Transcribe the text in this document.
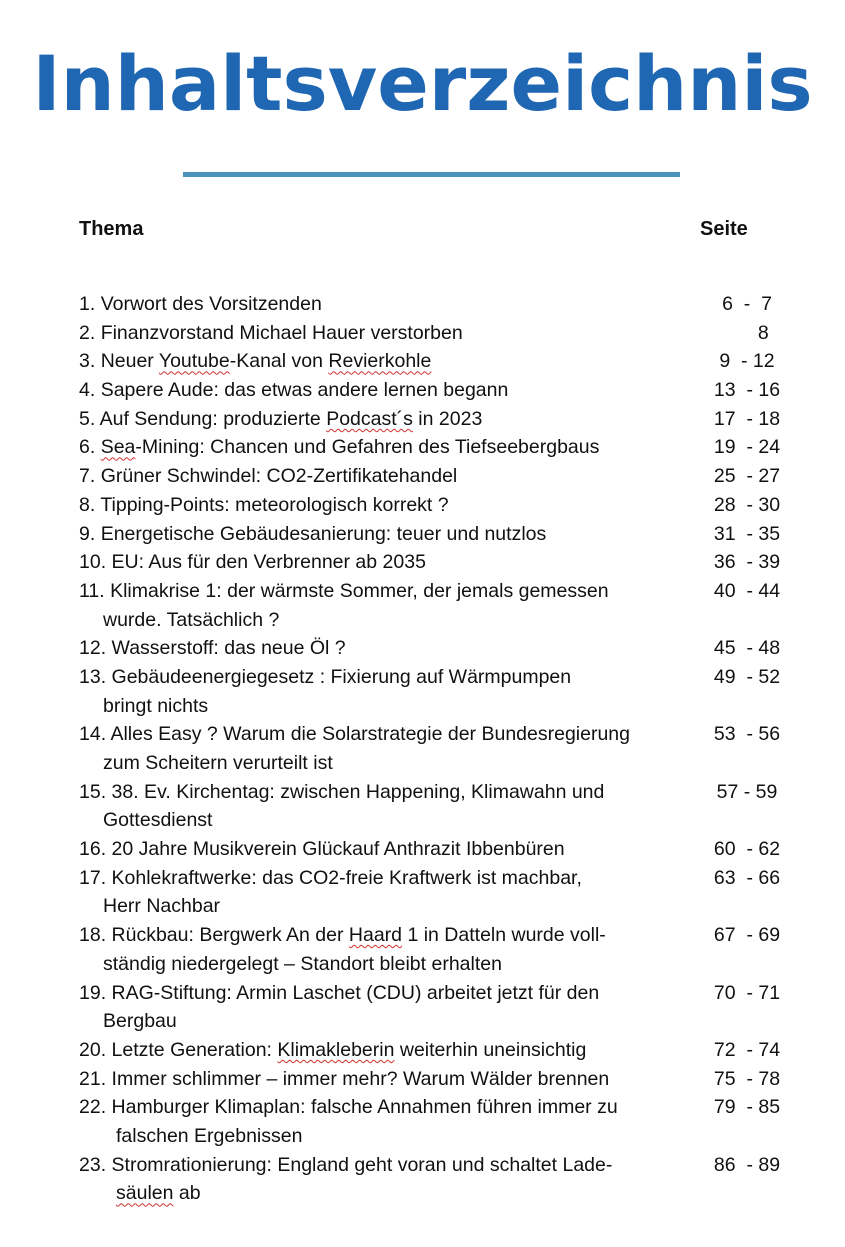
Inhaltsverzeichnis
Thema	Seite
1. Vorwort des Vorsitzenden	6  -  7
2. Finanzvorstand Michael Hauer verstorben	8
3. Neuer Youtube-Kanal von Revierkohle	9  - 12
4. Sapere Aude: das etwas andere lernen begann	13  - 16
5. Auf Sendung: produzierte Podcast´s in 2023	17  - 18
6. Sea-Mining: Chancen und Gefahren des Tiefseebergbaus	19  - 24
7. Grüner Schwindel: CO2-Zertifikatehandel	25  - 27
8. Tipping-Points: meteorologisch korrekt ?	28  - 30
9. Energetische Gebäudesanierung: teuer und nutzlos	31  - 35
10. EU: Aus für den Verbrenner ab 2035	36  - 39
11. Klimakrise 1: der wärmste Sommer, der jemals gemessen	40  - 44
wurde. Tatsächlich ?
12. Wasserstoff: das neue Öl ?	45  - 48
13. Gebäudeenergiegesetz : Fixierung auf Wärmpumpen	49  - 52
bringt nichts
14. Alles Easy ? Warum die Solarstrategie der Bundesregierung	53  - 56
zum Scheitern verurteilt ist
15. 38. Ev. Kirchentag: zwischen Happening, Klimawahn und	57 - 59
Gottesdienst
16. 20 Jahre Musikverein Glückauf Anthrazit Ibbenbüren	60  - 62
17. Kohlekraftwerke: das CO2-freie Kraftwerk ist machbar,	63  - 66
Herr Nachbar
18. Rückbau: Bergwerk An der Haard 1 in Datteln wurde voll-	67  - 69
ständig niedergelegt – Standort bleibt erhalten
19. RAG-Stiftung: Armin Laschet (CDU) arbeitet jetzt für den	70  - 71
Bergbau
20. Letzte Generation: Klimakleberin weiterhin uneinsichtig	72  - 74
21. Immer schlimmer – immer mehr? Warum Wälder brennen	75  - 78
22. Hamburger Klimaplan: falsche Annahmen führen immer zu	79  - 85
falschen Ergebnissen
23. Stromrationierung: England geht voran und schaltet Lade-	86  - 89
säulen ab
